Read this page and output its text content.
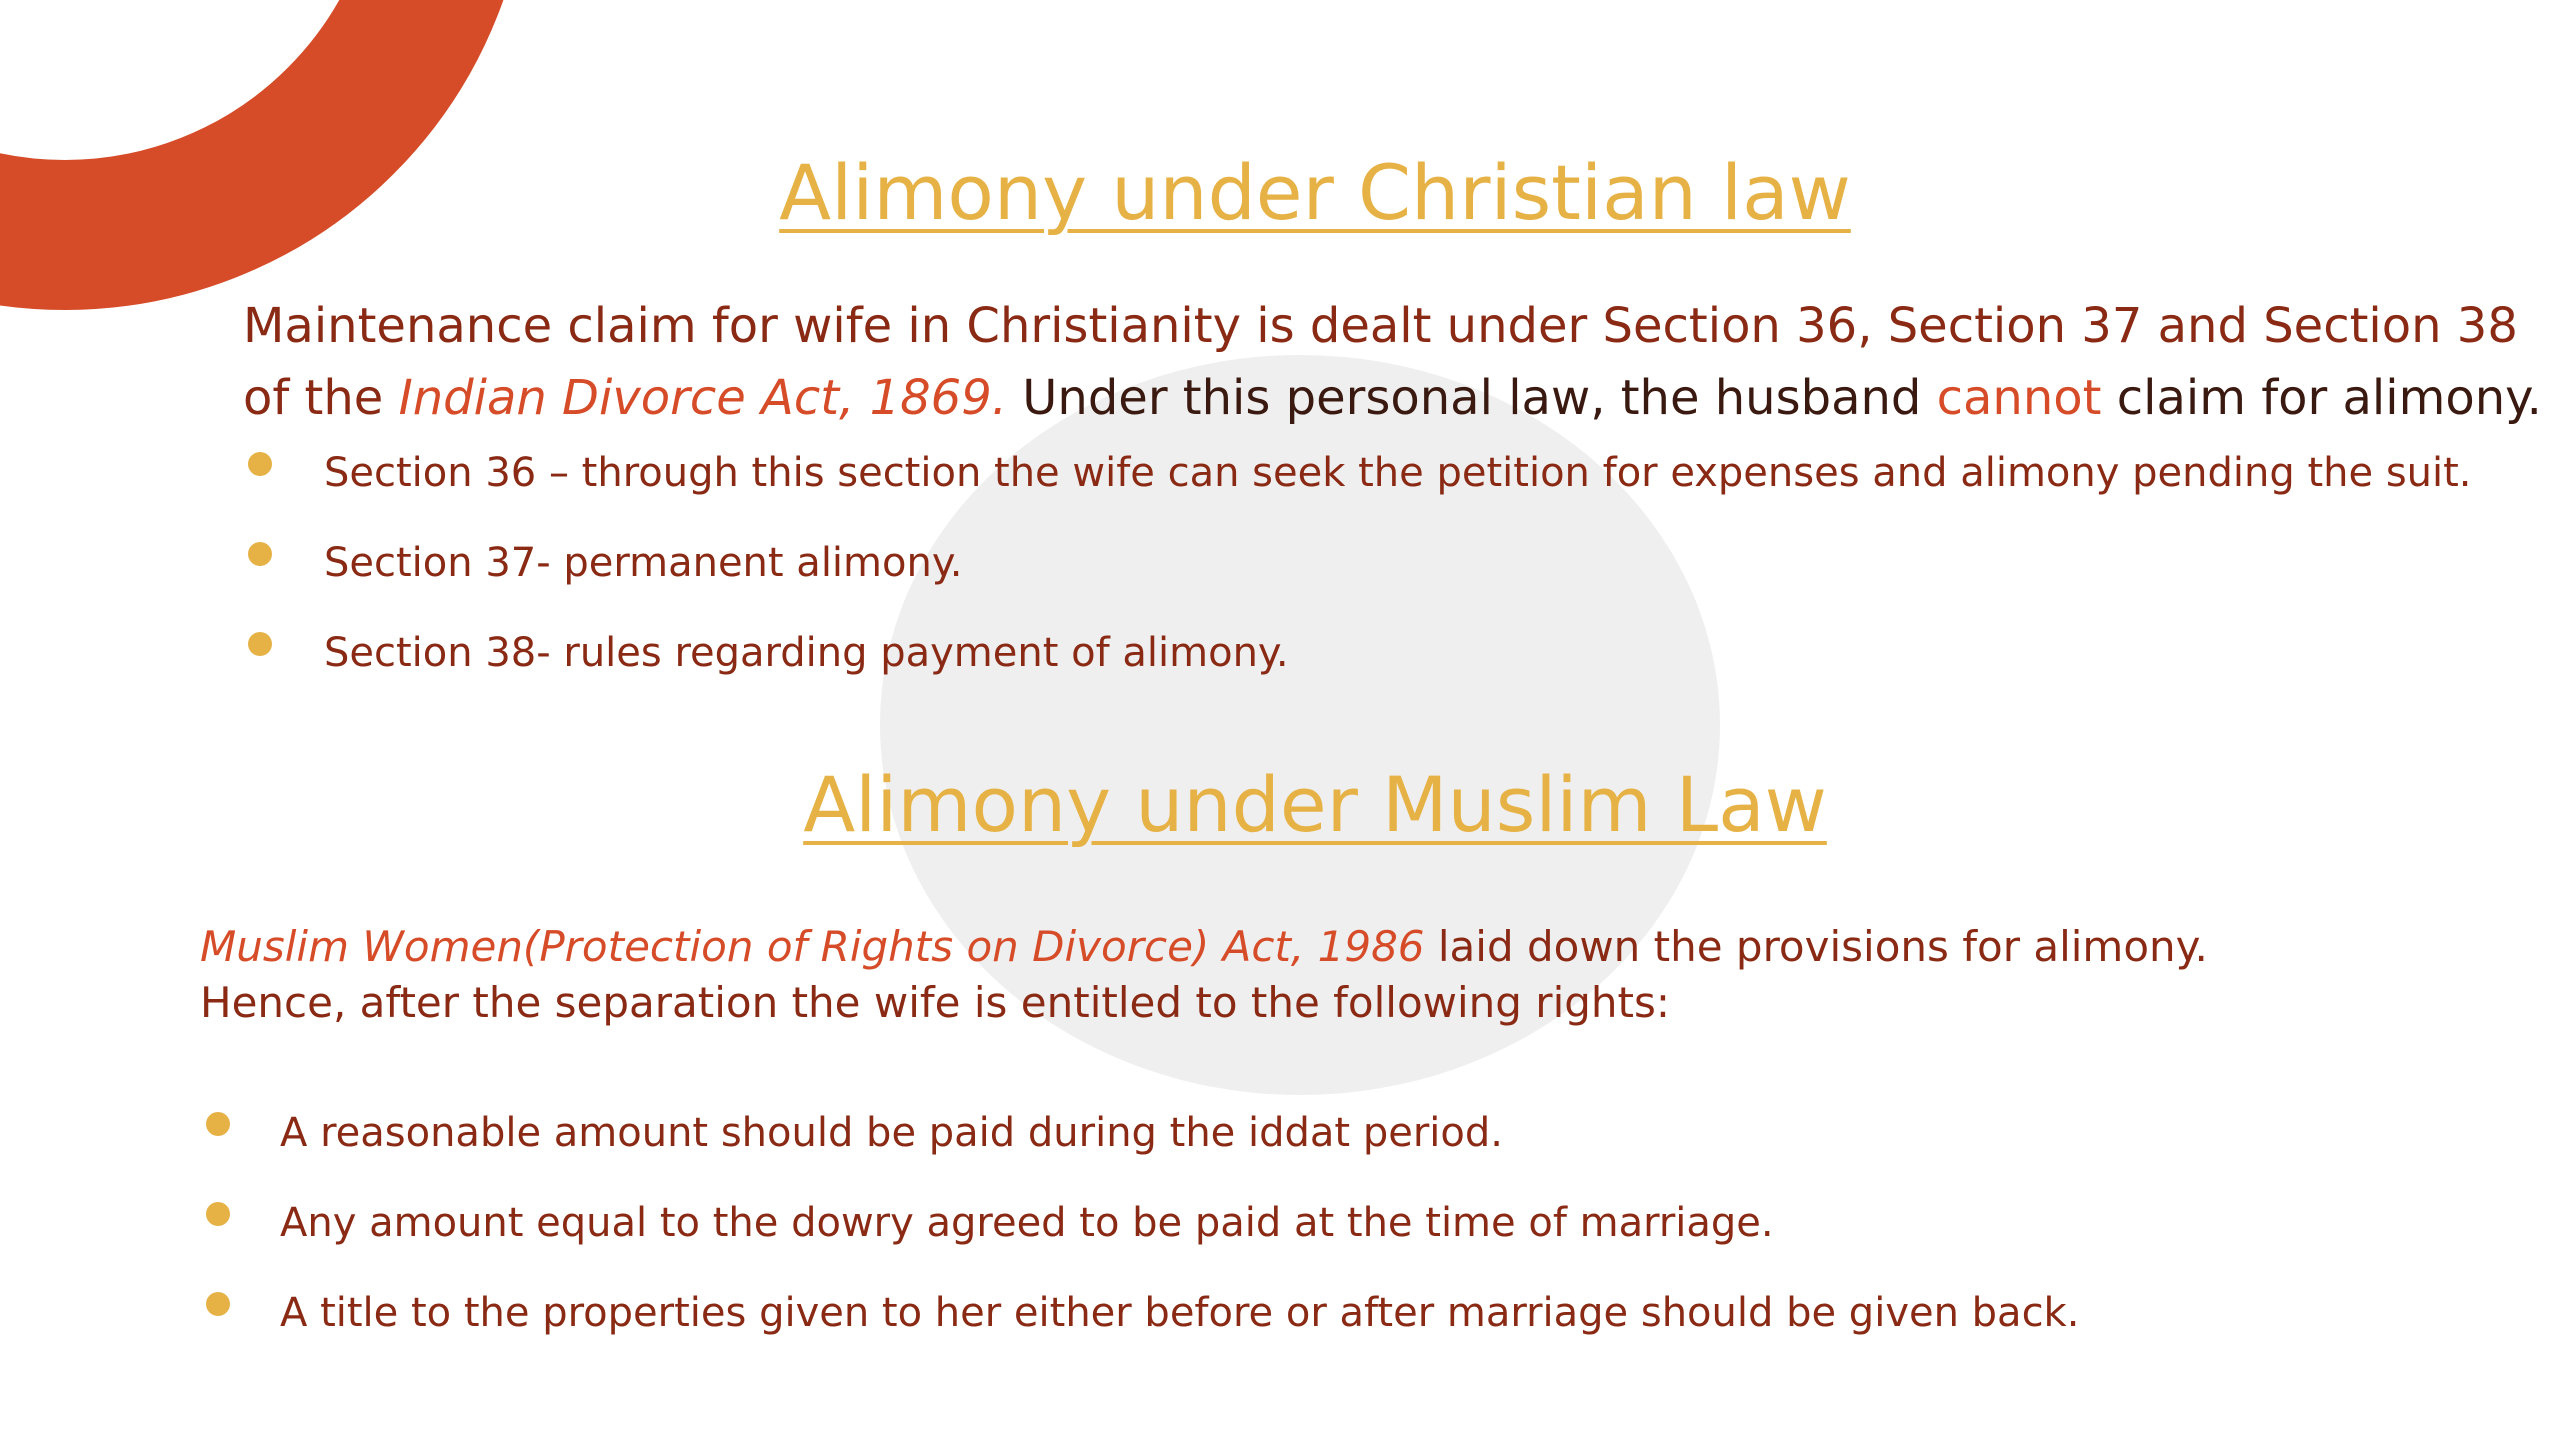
Alimony under Christian law

Maintenance claim for wife in Christianity is dealt under Section 36, Section 37 and Section 38

of the Indian Divorce Act, 1869. Under this personal law, the husband cannot claim for alimony.

Section 36 – through this section the wife can seek the petition for expenses and alimony pending the suit.
Section 37- permanent alimony.
Section 38- rules regarding payment of alimony.
Alimony under Muslim Law

Muslim Women(Protection of Rights on Divorce) Act, 1986 laid down the provisions for alimony.

Hence, after the separation the wife is entitled to the following rights:

A reasonable amount should be paid during the iddat period.
Any amount equal to the dowry agreed to be paid at the time of marriage.
A title to the properties given to her either before or after marriage should be given back.
